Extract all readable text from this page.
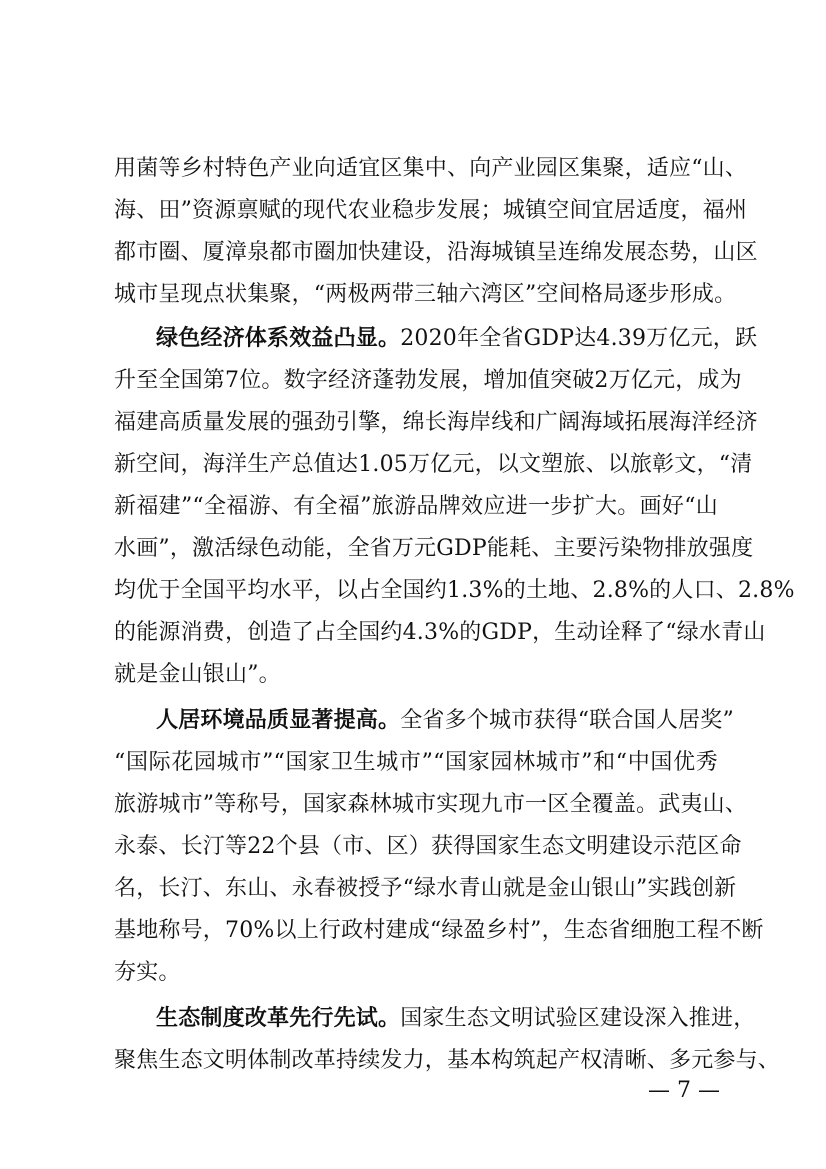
用菌等乡村特色产业向适宜区集中、向产业园区集聚，适应“山、
海、田”资源禀赋的现代农业稳步发展；城镇空间宜居适度，福州
都市圈、厦漳泉都市圈加快建设，沿海城镇呈连绵发展态势，山区
城市呈现点状集聚，“两极两带三轴六湾区”空间格局逐步形成。
绿色经济体系效益凸显。2020年全省GDP达4.39万亿元，跃
升至全国第7位。数字经济蓬勃发展，增加值突破2万亿元，成为
福建高质量发展的强劲引擎，绵长海岸线和广阔海域拓展海洋经济
新空间，海洋生产总值达1.05万亿元，以文塑旅、以旅彰文，“清
新福建”“全福游、有全福”旅游品牌效应进一步扩大。画好“山
水画”，激活绿色动能，全省万元GDP能耗、主要污染物排放强度
均优于全国平均水平，以占全国约1.3%的土地、2.8%的人口、2.8%
的能源消费，创造了占全国约4.3%的GDP，生动诠释了“绿水青山
就是金山银山”。
人居环境品质显著提高。全省多个城市获得“联合国人居奖”
“国际花园城市”“国家卫生城市”“国家园林城市”和“中国优秀
旅游城市”等称号，国家森林城市实现九市一区全覆盖。武夷山、
永泰、长汀等22个县（市、区）获得国家生态文明建设示范区命
名，长汀、东山、永春被授予“绿水青山就是金山银山”实践创新
基地称号，70%以上行政村建成“绿盈乡村”，生态省细胞工程不断
夯实。
生态制度改革先行先试。国家生态文明试验区建设深入推进，
聚焦生态文明体制改革持续发力，基本构筑起产权清晰、多元参与、
— 7 —
